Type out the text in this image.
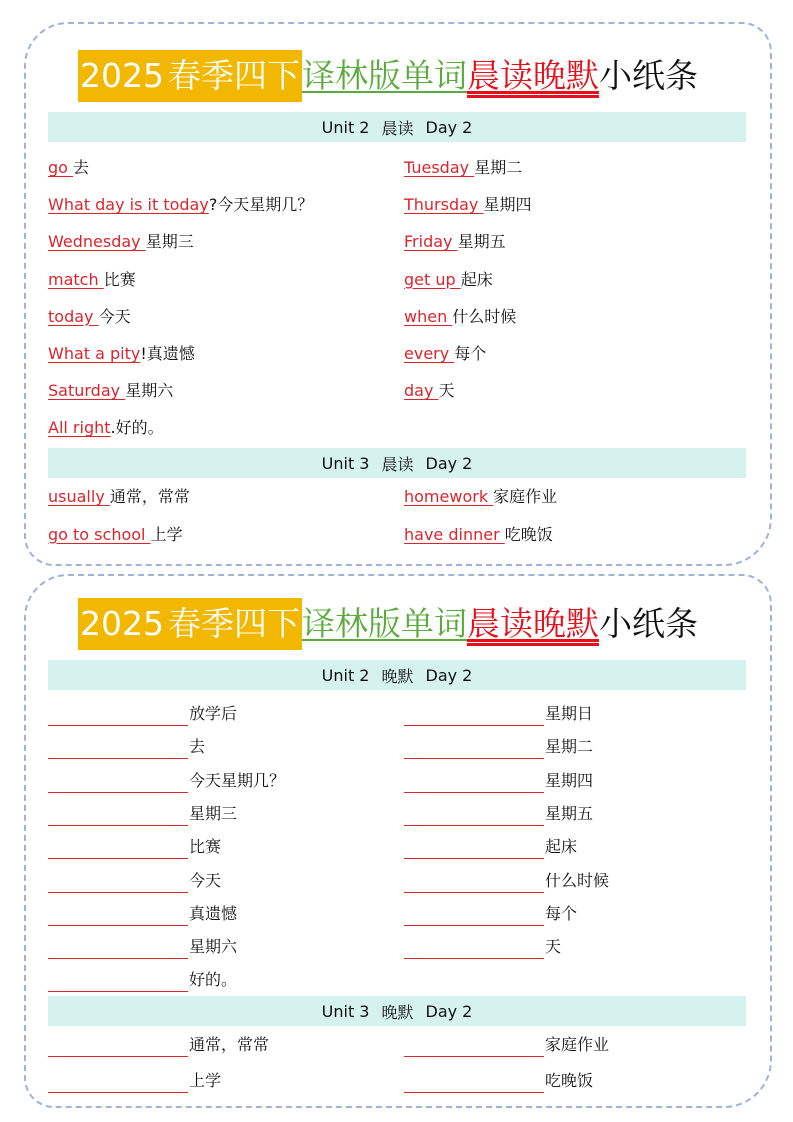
2025 春季四下 译林版单词 晨读晚默 小纸条
Unit 2 晨读 Day 2
go 去
What day is it today?今天星期几？
Wednesday 星期三
match 比赛
today 今天
What a pity!真遗憾
Saturday 星期六
All right.好的。
Tuesday 星期二
Thursday 星期四
Friday 星期五
get up 起床
when 什么时候
every 每个
day 天
Unit 3 晨读 Day 2
usually 通常，常常
go to school 上学
homework 家庭作业
have dinner 吃晚饭
2025 春季四下 译林版单词 晨读晚默 小纸条
Unit 2 晚默 Day 2
放学后
去
今天星期几？
星期三
比赛
今天
真遗憾
星期六
好的。
星期日
星期二
星期四
星期五
起床
什么时候
每个
天
Unit 3 晚默 Day 2
通常，常常
上学
家庭作业
吃晚饭
